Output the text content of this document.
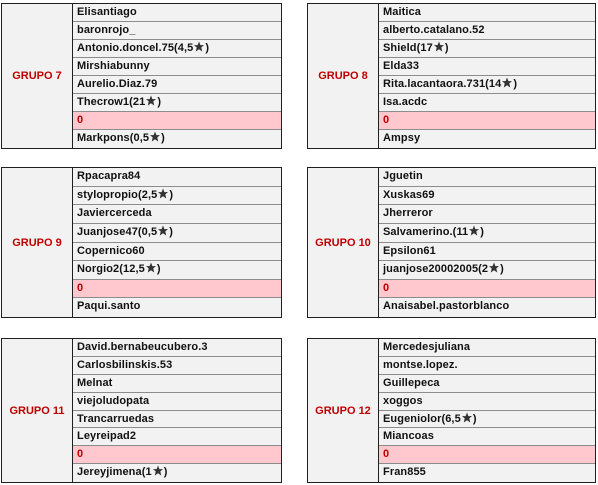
GRUPO 7
Elisantiago
baronrojo_
Antonio.doncel.75(4,5 )
Mirshiabunny
Aurelio.Diaz.79
Thecrow1(21 )
0
Markpons(0,5 )
GRUPO 8
Maitica
alberto.catalano.52
Shield(17 )
Elda33
Rita.lacantaora.731(14 )
Isa.acdc
0
Ampsy
GRUPO 9
Rpacapra84
stylopropio(2,5 )
Javiercerceda
Juanjose47(0,5 )
Copernico60
Norgio2(12,5 )
0
Paqui.santo
GRUPO 10
Jguetin
Xuskas69
Jherreror
Salvamerino.(11 )
Epsilon61
juanjose20002005(2 )
0
Anaisabel.pastorblanco
GRUPO 11
David.bernabeucubero.3
Carlosbilinskis.53
Melnat
viejoludopata
Trancarruedas
Leyreipad2
0
Jereyjimena(1 )
GRUPO 12
Mercedesjuliana
montse.lopez.
Guillepeca
xoggos
Eugeniolor(6,5 )
Miancoas
0
Fran855
